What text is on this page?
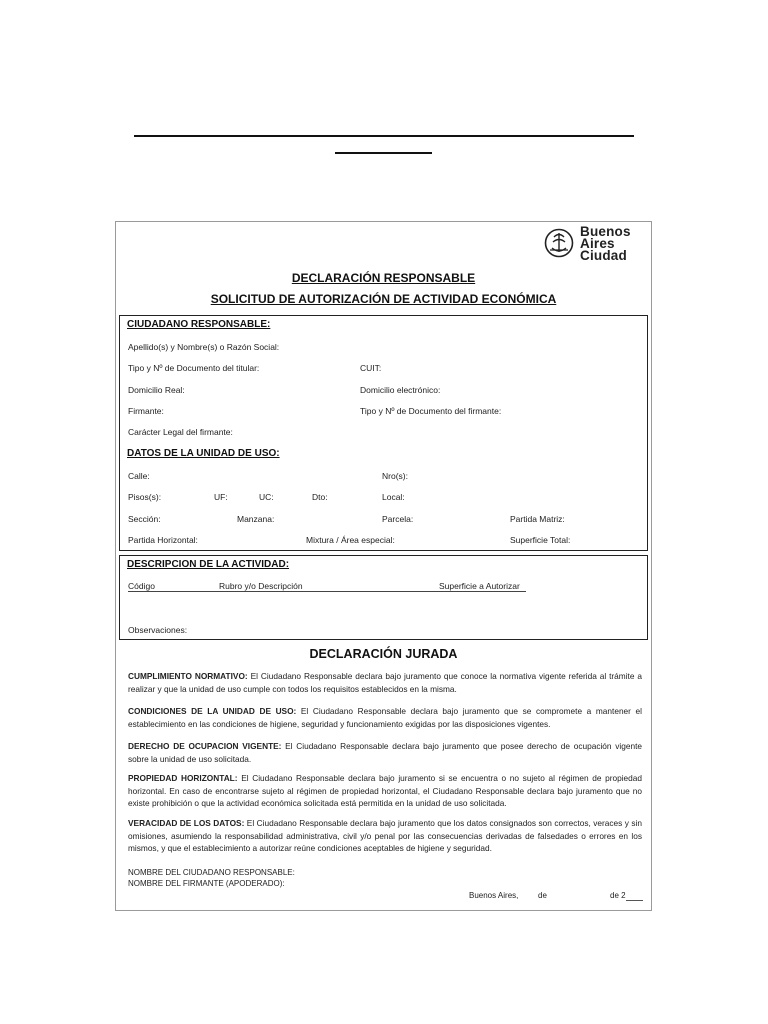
Buenos
Aires
Ciudad
DECLARACIÓN RESPONSABLE
SOLICITUD DE AUTORIZACIÓN DE ACTIVIDAD ECONÓMICA
CIUDADANO RESPONSABLE:
Apellido(s) y Nombre(s) o Razón Social:
Tipo y Nº de Documento del titular:	CUIT:
Domicilio Real:	Domicilio electrónico:
Firmante:	Tipo y Nº de Documento del firmante:
Carácter Legal del firmante:
DATOS DE LA UNIDAD DE USO:
Calle:	Nro(s):
Pisos(s):	UF:	UC:	Dto:	Local:
Sección:	Manzana:	Parcela:	Partida Matriz:
Partida Horizontal:	Mixtura / Área especial:	Superficie Total:
DESCRIPCION DE LA ACTIVIDAD:
Código	Rubro y/o Descripción	Superficie a Autorizar
Observaciones:
DECLARACIÓN JURADA
CUMPLIMIENTO NORMATIVO: El Ciudadano Responsable declara bajo juramento que conoce la normativa vigente referida al trámite a realizar y que la unidad de uso cumple con todos los requisitos establecidos en la misma.
CONDICIONES DE LA UNIDAD DE USO: El Ciudadano Responsable declara bajo juramento que se compromete a mantener el establecimiento en las condiciones de higiene, seguridad y funcionamiento exigidas por las disposiciones vigentes.
DERECHO DE OCUPACION VIGENTE: El Ciudadano Responsable declara bajo juramento que posee derecho de ocupación vigente sobre la unidad de uso solicitada.
PROPIEDAD HORIZONTAL: El Ciudadano Responsable declara bajo juramento si se encuentra o no sujeto al régimen de propiedad horizontal. En caso de encontrarse sujeto al régimen de propiedad horizontal, el Ciudadano Responsable declara bajo juramento que no existe prohibición o que la actividad económica solicitada está permitida en la unidad de uso solicitada.
VERACIDAD DE LOS DATOS: El Ciudadano Responsable declara bajo juramento que los datos consignados son correctos, veraces y sin omisiones, asumiendo la responsabilidad administrativa, civil y/o penal por las consecuencias derivadas de falsedades o errores en los mismos, y que el establecimiento a autorizar reúne condiciones aceptables de higiene y seguridad.
NOMBRE DEL CIUDADANO RESPONSABLE:
NOMBRE DEL FIRMANTE (APODERADO):
Buenos Aires, de	de 2
